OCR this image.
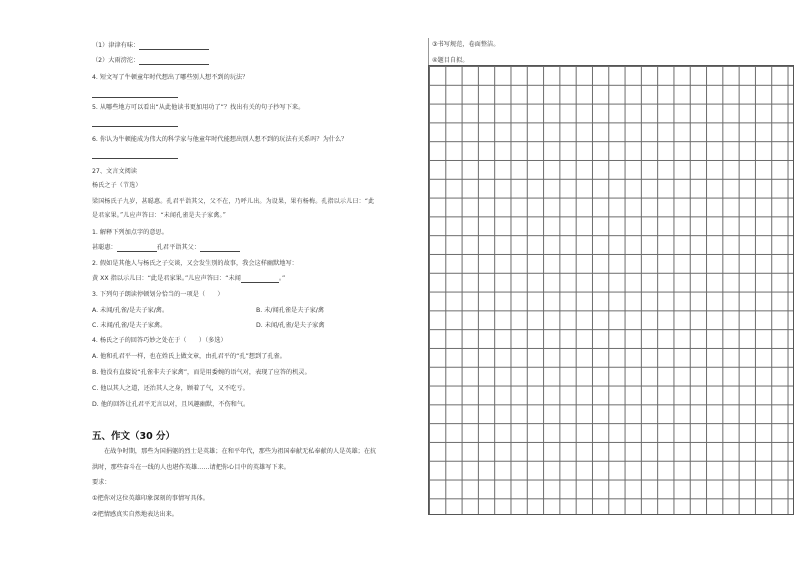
（1）津津有味：
（2）大雨滂沱：
4. 短文写了牛顿童年时代想出了哪些别人想不到的玩法？
5. 从哪些地方可以看出“从此他读书更加用功了”？找出有关的句子抄写下来。
6. 你认为牛顿能成为伟大的科学家与他童年时代能想出别人想不到的玩法有关系吗？为什么？
27、文言文阅读
杨氏之子（节选）
梁国杨氏子九岁，甚聪惠。孔君平诣其父，父不在，乃呼儿出。为设果，果有杨梅。孔指以示儿曰：“此
是君家果。”儿应声答曰：“未闻孔雀是夫子家禽。”
1. 解释下列加点字的意思。
甚聪惠：	孔君平诣其父：
2. 假如是其他人与杨氏之子交谈，又会发生别的故事，我会这样幽默地写：
黄 XX 指以示儿曰：“此是君家果。”儿应声答曰：“未闻	。”
3. 下列句子朗读停顿划分恰当的一项是（　　）
A. 未闻/孔雀/是夫子家/禽。	B. 未/闻孔雀是夫子家/禽
C. 未闻/孔雀/是夫子家禽。	D. 未闻/孔雀/是夫子家禽
4. 杨氏之子的回答巧妙之处在于（　　）（多选）
A. 他和孔君平一样，也在姓氏上做文章，由孔君平的“孔”想到了孔雀。
B. 他没有直接说“孔雀非夫子家禽”，而是用委婉的语气对，表现了应答的机灵。
C. 他以其人之道，还治其人之身，顾着了气，又不吃亏。
D. 他的回答让孔君平无言以对，且风趣幽默，不伤和气。
五、作文（30 分）
在战争时期，那些为国捐躯的烈士是英雄；在和平年代，那些为祖国奉献无私奉献的人是英雄；在抗
洪时，那些奋斗在一线的人也堪作英雄……请把你心目中的英雄写下来。
要求：
①把你对这位英雄印象深刻的事情写具体。
②把情感真实自然地表达出来。
③书写规范，卷面整洁。
④题目自拟。
